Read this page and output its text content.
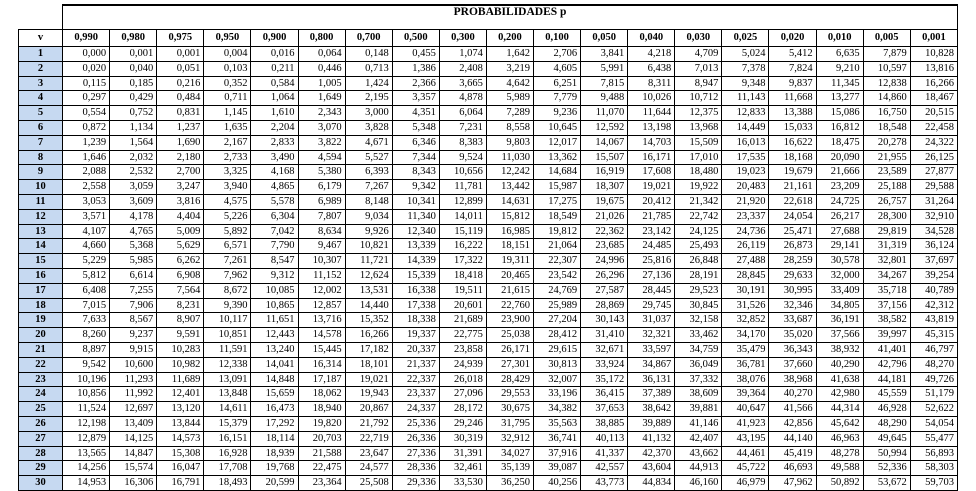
	PROBABILIDADES p																		
v	0,990	0,980	0,975	0,950	0,900	0,800	0,700	0,500	0,300	0,200	0,100	0,050	0,040	0,030	0,025	0,020	0,010	0,005	0,001
1	0,000	0,001	0,001	0,004	0,016	0,064	0,148	0,455	1,074	1,642	2,706	3,841	4,218	4,709	5,024	5,412	6,635	7,879	10,828
2	0,020	0,040	0,051	0,103	0,211	0,446	0,713	1,386	2,408	3,219	4,605	5,991	6,438	7,013	7,378	7,824	9,210	10,597	13,816
3	0,115	0,185	0,216	0,352	0,584	1,005	1,424	2,366	3,665	4,642	6,251	7,815	8,311	8,947	9,348	9,837	11,345	12,838	16,266
4	0,297	0,429	0,484	0,711	1,064	1,649	2,195	3,357	4,878	5,989	7,779	9,488	10,026	10,712	11,143	11,668	13,277	14,860	18,467
5	0,554	0,752	0,831	1,145	1,610	2,343	3,000	4,351	6,064	7,289	9,236	11,070	11,644	12,375	12,833	13,388	15,086	16,750	20,515
6	0,872	1,134	1,237	1,635	2,204	3,070	3,828	5,348	7,231	8,558	10,645	12,592	13,198	13,968	14,449	15,033	16,812	18,548	22,458
7	1,239	1,564	1,690	2,167	2,833	3,822	4,671	6,346	8,383	9,803	12,017	14,067	14,703	15,509	16,013	16,622	18,475	20,278	24,322
8	1,646	2,032	2,180	2,733	3,490	4,594	5,527	7,344	9,524	11,030	13,362	15,507	16,171	17,010	17,535	18,168	20,090	21,955	26,125
9	2,088	2,532	2,700	3,325	4,168	5,380	6,393	8,343	10,656	12,242	14,684	16,919	17,608	18,480	19,023	19,679	21,666	23,589	27,877
10	2,558	3,059	3,247	3,940	4,865	6,179	7,267	9,342	11,781	13,442	15,987	18,307	19,021	19,922	20,483	21,161	23,209	25,188	29,588
11	3,053	3,609	3,816	4,575	5,578	6,989	8,148	10,341	12,899	14,631	17,275	19,675	20,412	21,342	21,920	22,618	24,725	26,757	31,264
12	3,571	4,178	4,404	5,226	6,304	7,807	9,034	11,340	14,011	15,812	18,549	21,026	21,785	22,742	23,337	24,054	26,217	28,300	32,910
13	4,107	4,765	5,009	5,892	7,042	8,634	9,926	12,340	15,119	16,985	19,812	22,362	23,142	24,125	24,736	25,471	27,688	29,819	34,528
14	4,660	5,368	5,629	6,571	7,790	9,467	10,821	13,339	16,222	18,151	21,064	23,685	24,485	25,493	26,119	26,873	29,141	31,319	36,124
15	5,229	5,985	6,262	7,261	8,547	10,307	11,721	14,339	17,322	19,311	22,307	24,996	25,816	26,848	27,488	28,259	30,578	32,801	37,697
16	5,812	6,614	6,908	7,962	9,312	11,152	12,624	15,339	18,418	20,465	23,542	26,296	27,136	28,191	28,845	29,633	32,000	34,267	39,254
17	6,408	7,255	7,564	8,672	10,085	12,002	13,531	16,338	19,511	21,615	24,769	27,587	28,445	29,523	30,191	30,995	33,409	35,718	40,789
18	7,015	7,906	8,231	9,390	10,865	12,857	14,440	17,338	20,601	22,760	25,989	28,869	29,745	30,845	31,526	32,346	34,805	37,156	42,312
19	7,633	8,567	8,907	10,117	11,651	13,716	15,352	18,338	21,689	23,900	27,204	30,143	31,037	32,158	32,852	33,687	36,191	38,582	43,819
20	8,260	9,237	9,591	10,851	12,443	14,578	16,266	19,337	22,775	25,038	28,412	31,410	32,321	33,462	34,170	35,020	37,566	39,997	45,315
21	8,897	9,915	10,283	11,591	13,240	15,445	17,182	20,337	23,858	26,171	29,615	32,671	33,597	34,759	35,479	36,343	38,932	41,401	46,797
22	9,542	10,600	10,982	12,338	14,041	16,314	18,101	21,337	24,939	27,301	30,813	33,924	34,867	36,049	36,781	37,660	40,290	42,796	48,270
23	10,196	11,293	11,689	13,091	14,848	17,187	19,021	22,337	26,018	28,429	32,007	35,172	36,131	37,332	38,076	38,968	41,638	44,181	49,726
24	10,856	11,992	12,401	13,848	15,659	18,062	19,943	23,337	27,096	29,553	33,196	36,415	37,389	38,609	39,364	40,270	42,980	45,559	51,179
25	11,524	12,697	13,120	14,611	16,473	18,940	20,867	24,337	28,172	30,675	34,382	37,653	38,642	39,881	40,647	41,566	44,314	46,928	52,622
26	12,198	13,409	13,844	15,379	17,292	19,820	21,792	25,336	29,246	31,795	35,563	38,885	39,889	41,146	41,923	42,856	45,642	48,290	54,054
27	12,879	14,125	14,573	16,151	18,114	20,703	22,719	26,336	30,319	32,912	36,741	40,113	41,132	42,407	43,195	44,140	46,963	49,645	55,477
28	13,565	14,847	15,308	16,928	18,939	21,588	23,647	27,336	31,391	34,027	37,916	41,337	42,370	43,662	44,461	45,419	48,278	50,994	56,893
29	14,256	15,574	16,047	17,708	19,768	22,475	24,577	28,336	32,461	35,139	39,087	42,557	43,604	44,913	45,722	46,693	49,588	52,336	58,303
30	14,953	16,306	16,791	18,493	20,599	23,364	25,508	29,336	33,530	36,250	40,256	43,773	44,834	46,160	46,979	47,962	50,892	53,672	59,703
